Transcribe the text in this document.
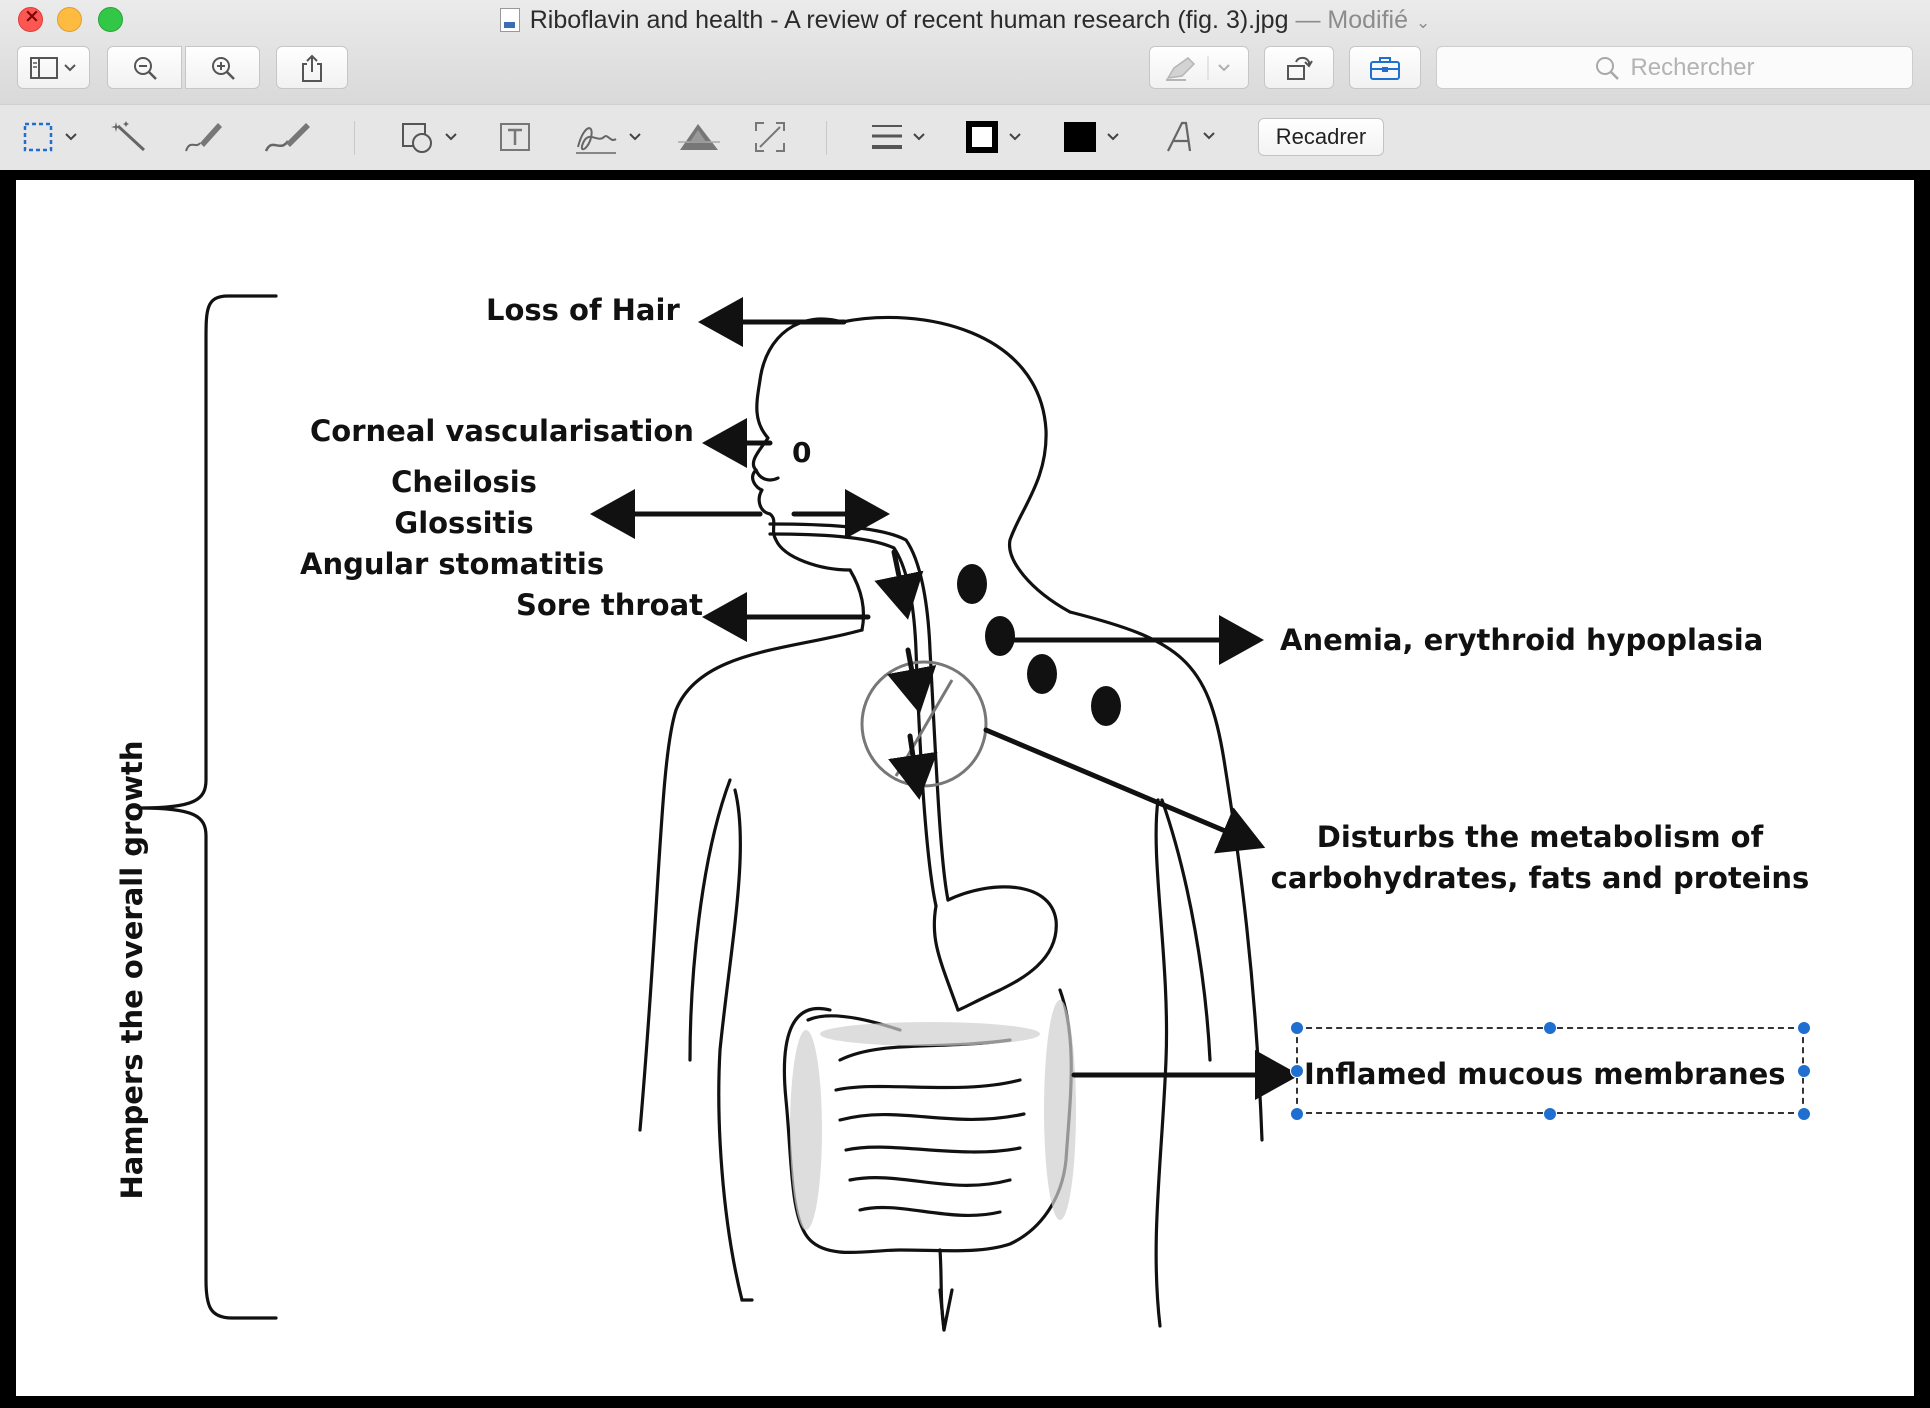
×
Riboflavin and health - A review of recent human research (fig. 3).jpg — Modifié ⌄
Rechercher
Recadrer
0
Loss of Hair
Corneal vascularisation
Cheilosis
Glossitis
Angular stomatitis
Sore throat
Anemia, erythroid hypoplasia
Disturbs the metabolism of
carbohydrates, fats and proteins
Inflamed mucous membranes
Hampers the overall growth
